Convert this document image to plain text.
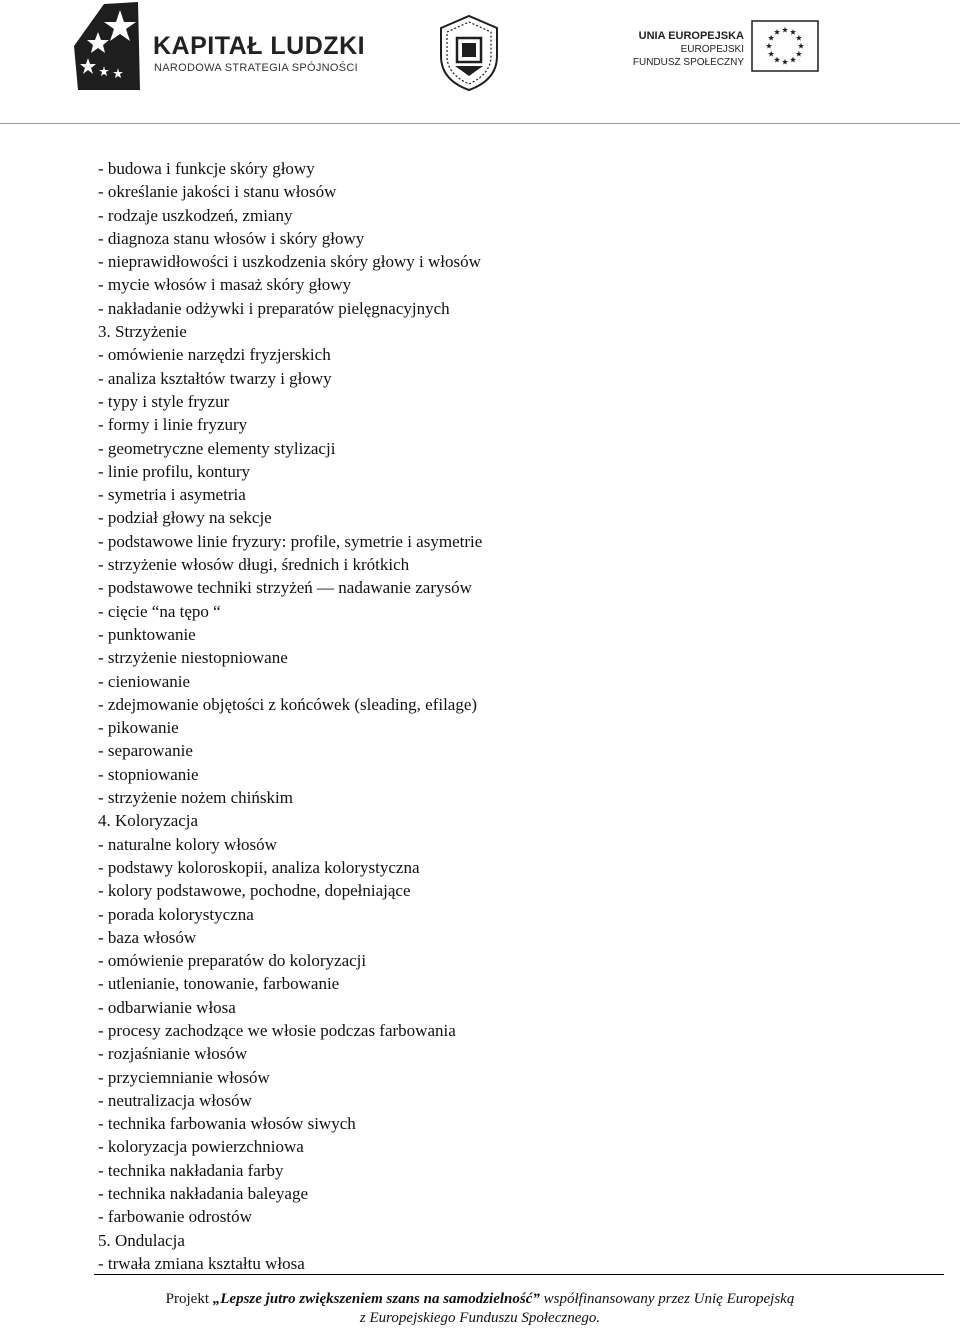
KAPITAŁ LUDZKI
NARODOWA STRATEGIA SPÓJNOŚCI
UNIA EUROPEJSKA
EUROPEJSKI
FUNDUSZ SPOŁECZNY
- budowa i funkcje skóry głowy
- określanie jakości i stanu włosów
- rodzaje uszkodzeń, zmiany
- diagnoza stanu włosów i skóry głowy
- nieprawidłowości i uszkodzenia skóry głowy i włosów
- mycie włosów i masaż skóry głowy
- nakładanie odżywki i preparatów pielęgnacyjnych
3. Strzyżenie
- omówienie narzędzi fryzjerskich
- analiza kształtów twarzy i głowy
- typy i style fryzur
- formy i linie fryzury
- geometryczne elementy stylizacji
- linie profilu, kontury
- symetria i asymetria
- podział głowy na sekcje
- podstawowe linie fryzury: profile, symetrie i asymetrie
- strzyżenie włosów długi, średnich i krótkich
- podstawowe techniki strzyżeń — nadawanie zarysów
- cięcie “na tępo “
- punktowanie
- strzyżenie niestopniowane
- cieniowanie
- zdejmowanie objętości z końcówek (sleading, efilage)
- pikowanie
- separowanie
- stopniowanie
- strzyżenie nożem chińskim
4. Koloryzacja
- naturalne kolory włosów
- podstawy koloroskopii, analiza kolorystyczna
- kolory podstawowe, pochodne, dopełniające
- porada kolorystyczna
- baza włosów
- omówienie preparatów do koloryzacji
- utlenianie, tonowanie, farbowanie
- odbarwianie włosa
- procesy zachodzące we włosie podczas farbowania
- rozjaśnianie włosów
- przyciemnianie włosów
- neutralizacja włosów
- technika farbowania włosów siwych
- koloryzacja powierzchniowa
- technika nakładania farby
- technika nakładania baleyage
- farbowanie odrostów
5. Ondulacja
- trwała zmiana kształtu włosa
Projekt „Lepsze jutro zwiększeniem szans na samodzielność” współfinansowany przez Unię Europejską
z Europejskiego Funduszu Społecznego.
